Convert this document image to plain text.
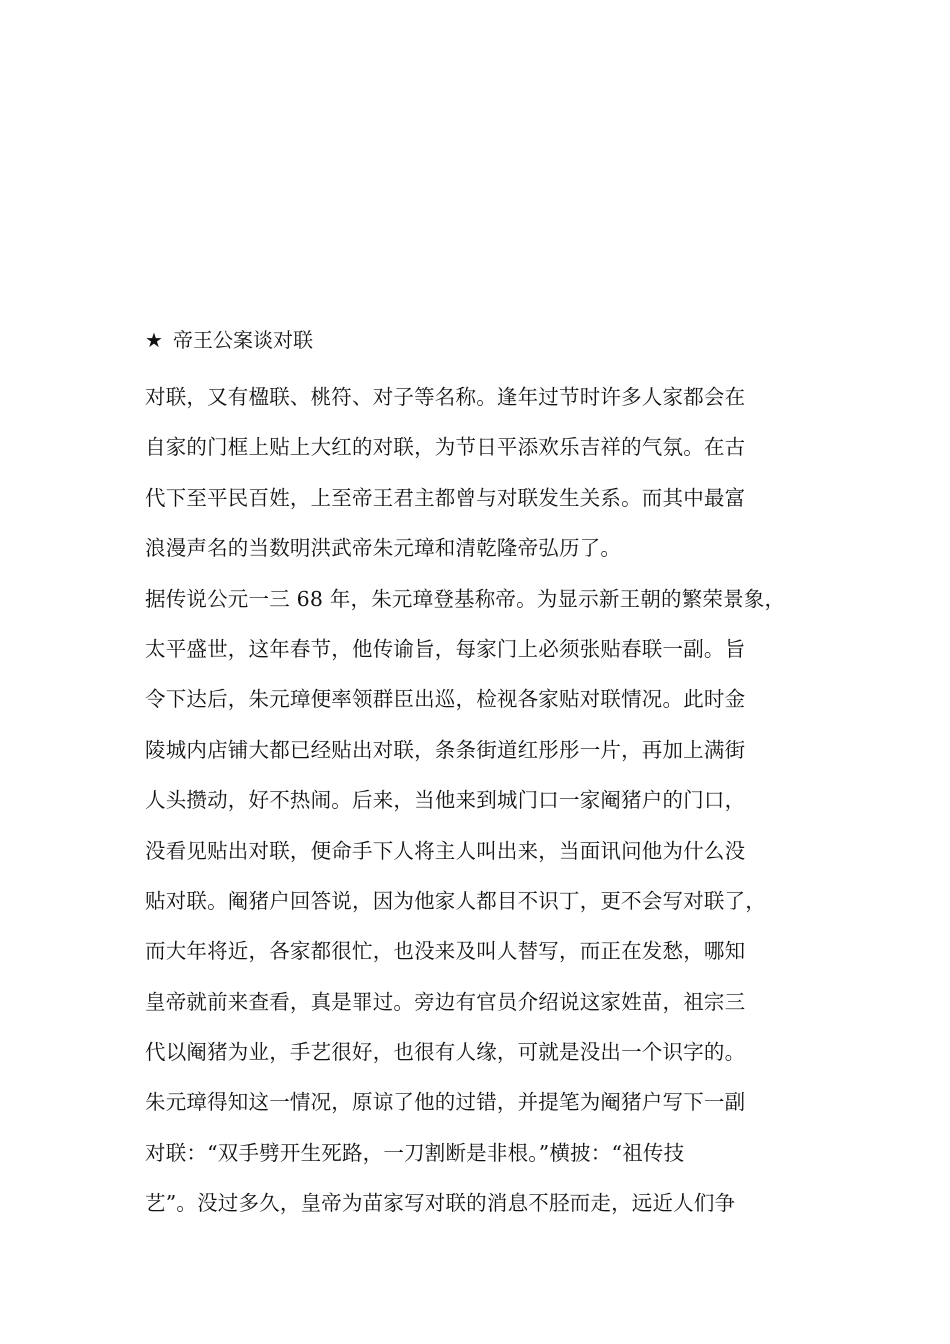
★ 帝王公案谈对联
对联，又有楹联、桃符、对子等名称。逢年过节时许多人家都会在
自家的门框上贴上大红的对联，为节日平添欢乐吉祥的气氛。在古
代下至平民百姓，上至帝王君主都曾与对联发生关系。而其中最富
浪漫声名的当数明洪武帝朱元璋和清乾隆帝弘历了。
据传说公元一三 68 年，朱元璋登基称帝。为显示新王朝的繁荣景象，
太平盛世，这年春节，他传谕旨，每家门上必须张贴春联一副。旨
令下达后，朱元璋便率领群臣出巡，检视各家贴对联情况。此时金
陵城内店铺大都已经贴出对联，条条街道红彤彤一片，再加上满街
人头攒动，好不热闹。后来，当他来到城门口一家阉猪户的门口，
没看见贴出对联，便命手下人将主人叫出来，当面讯问他为什么没
贴对联。阉猪户回答说，因为他家人都目不识丁，更不会写对联了，
而大年将近，各家都很忙，也没来及叫人替写，而正在发愁，哪知
皇帝就前来查看，真是罪过。旁边有官员介绍说这家姓苗，祖宗三
代以阉猪为业，手艺很好，也很有人缘，可就是没出一个识字的。
朱元璋得知这一情况，原谅了他的过错，并提笔为阉猪户写下一副
对联：“双手劈开生死路，一刀割断是非根。”横披：“祖传技
艺”。没过多久，皇帝为苗家写对联的消息不胫而走，远近人们争
